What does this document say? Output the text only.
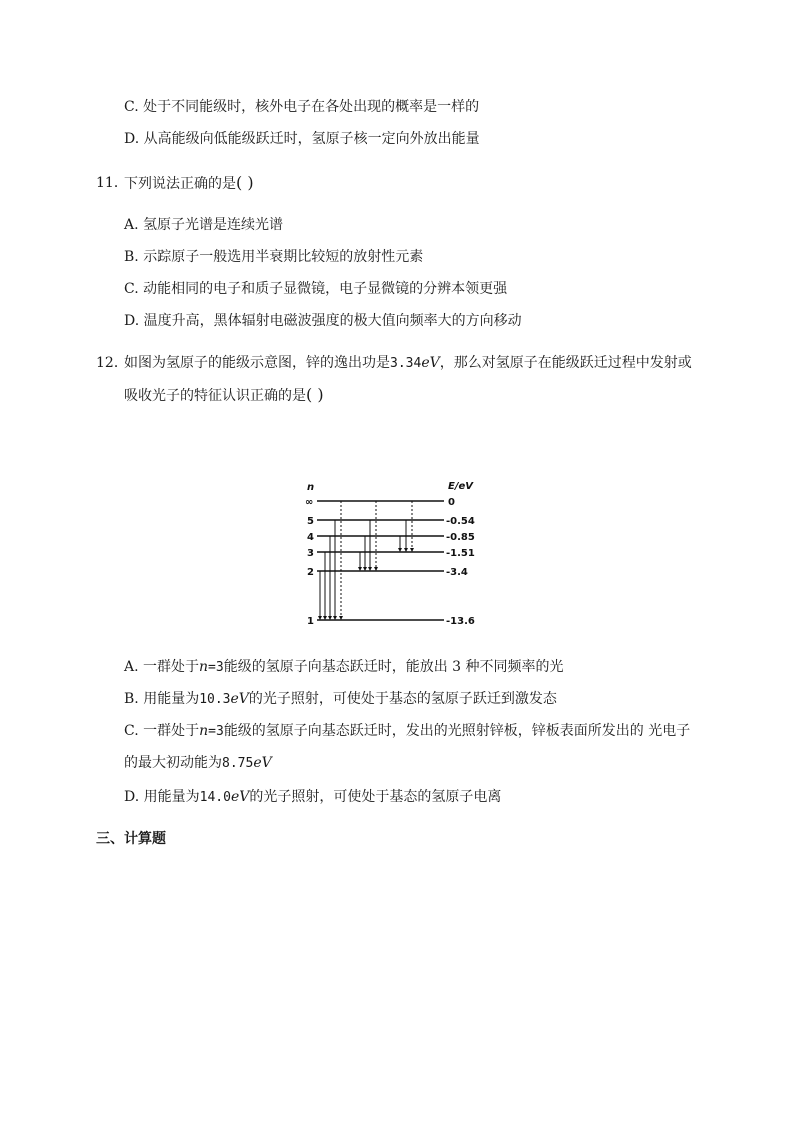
C. 处于不同能级时，核外电子在各处出现的概率是一样的
D. 从高能级向低能级跃迁时，氢原子核一定向外放出能量
11．
下列说法正确的是( )
A. 氢原子光谱是连续光谱
B. 示踪原子一般选用半衰期比较短的放射性元素
C. 动能相同的电子和质子显微镜，电子显微镜的分辨本领更强
D. 温度升高，黑体辐射电磁波强度的极大值向频率大的方向移动
12．
如图为氢原子的能级示意图，锌的逸出功是3.34eV，那么对氢原子在能级跃迁过程中发射或
吸收光子的特征认识正确的是( )
n	E/eV
∞
5
4
3
2
1
0
-0.54
-0.85
-1.51
-3.4
-13.6
A. 一群处于n=3能级的氢原子向基态跃迁时，能放出 3 种不同频率的光
B. 用能量为10.3eV的光子照射，可使处于基态的氢原子跃迁到激发态
C. 一群处于n=3能级的氢原子向基态跃迁时，发出的光照射锌板，锌板表面所发出的 光电子
的最大初动能为8.75eV
D. 用能量为14.0eV的光子照射，可使处于基态的氢原子电离
三、计算题
